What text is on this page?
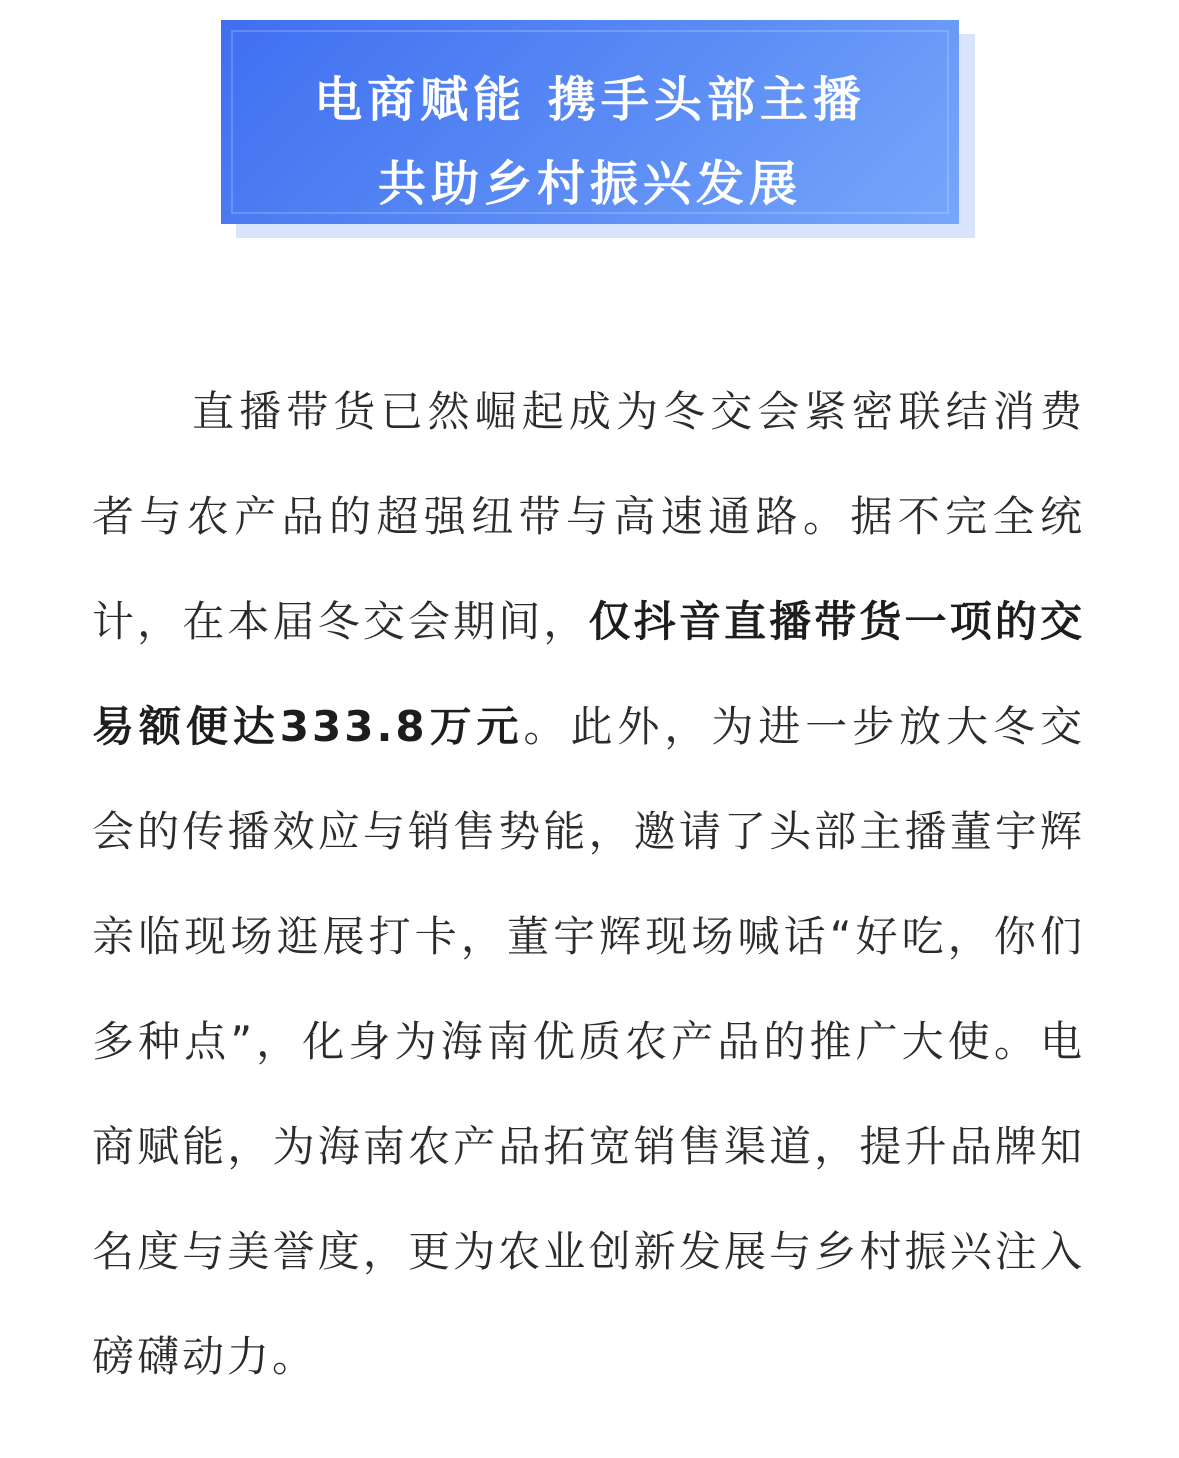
电商赋能 携手头部主播
共助乡村振兴发展

直播带货已然崛起成为冬交会紧密联结消费者与农产品的超强纽带与高速通路。据不完全统计，在本届冬交会期间，仅抖音直播带货一项的交易额便达333.8万元。此外，为进一步放大冬交会的传播效应与销售势能，邀请了头部主播董宇辉亲临现场逛展打卡，董宇辉现场喊话“好吃，你们多种点”，化身为海南优质农产品的推广大使。电商赋能，为海南农产品拓宽销售渠道，提升品牌知名度与美誉度，更为农业创新发展与乡村振兴注入磅礴动力。
